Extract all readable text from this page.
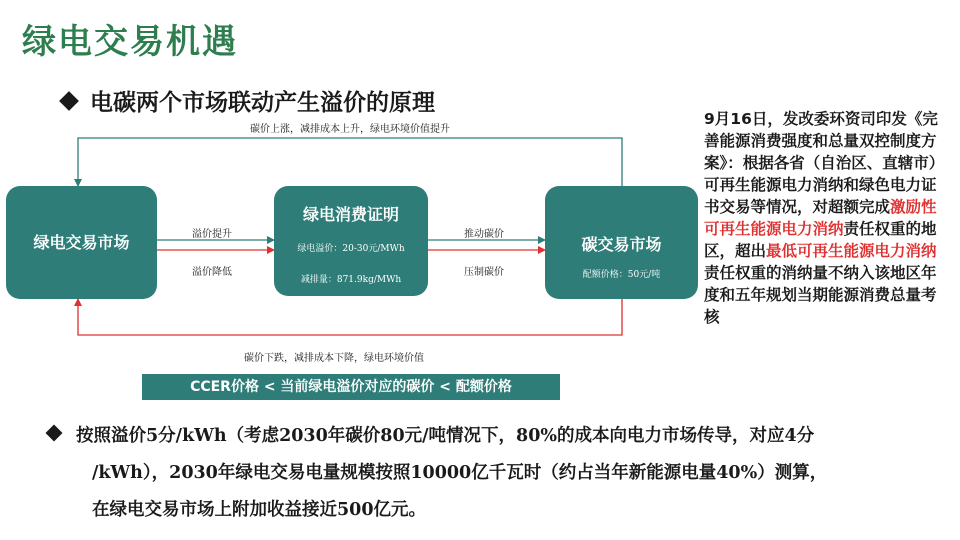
绿电交易机遇
电碳两个市场联动产生溢价的原理
碳价上涨，减排成本上升，绿电环境价值提升
碳价下跌，减排成本下降，绿电环境价值
绿电交易市场
绿电消费证明
绿电溢价：20-30元/MWh
减排量：871.9kg/MWh
碳交易市场
配额价格：50元/吨
溢价提升
溢价降低
推动碳价
压制碳价
CCER价格 < 当前绿电溢价对应的碳价 < 配额价格
9月16日，发改委环资司印发《完善能源消费强度和总量双控制度方案》：根据各省（自治区、直辖市）可再生能源电力消纳和绿色电力证书交易等情况，对超额完成激励性可再生能源电力消纳责任权重的地区，超出最低可再生能源电力消纳责任权重的消纳量不纳入该地区年度和五年规划当期能源消费总量考核
按照溢价5分/kWh（考虑2030年碳价80元/吨情况下，80%的成本向电力市场传导，对应4分
/kWh），2030年绿电交易电量规模按照10000亿千瓦时（约占当年新能源电量40%）测算，
在绿电交易市场上附加收益接近500亿元。
